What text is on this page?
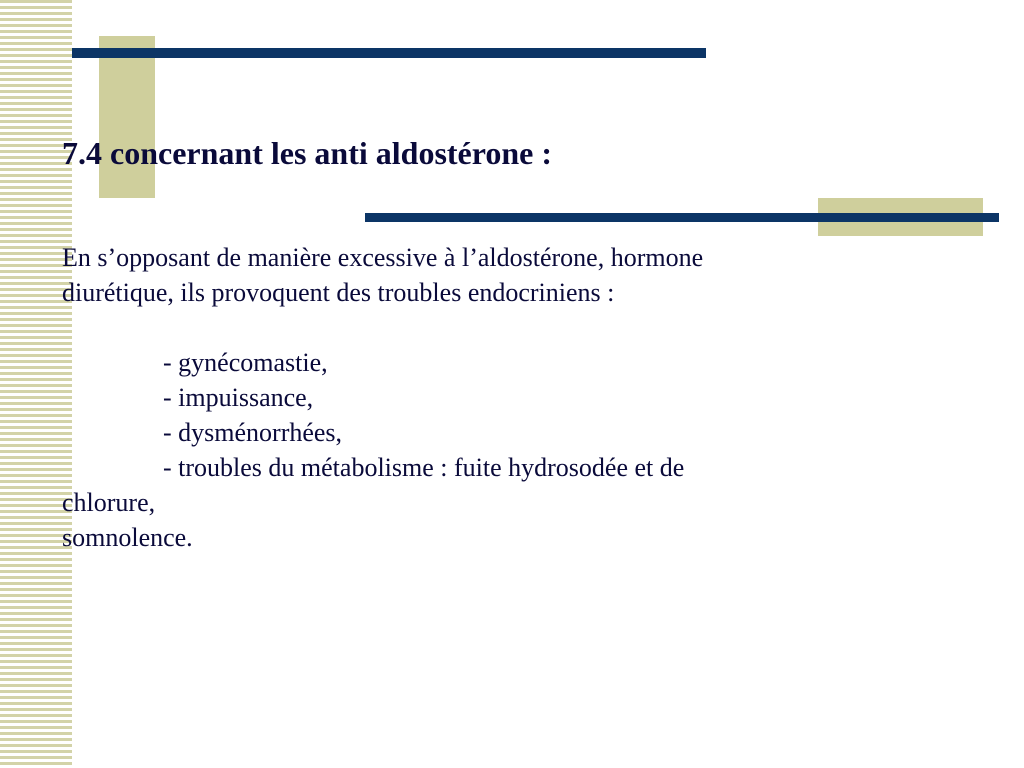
7.4 concernant les anti aldostérone :

En s’opposant de manière excessive à l’aldostérone, hormone

diurétique, ils provoquent des troubles endocriniens :

- gynécomastie,

- impuissance,

- dysménorrhées,

- troubles du métabolisme : fuite hydrosodée et de

chlorure,

somnolence.
